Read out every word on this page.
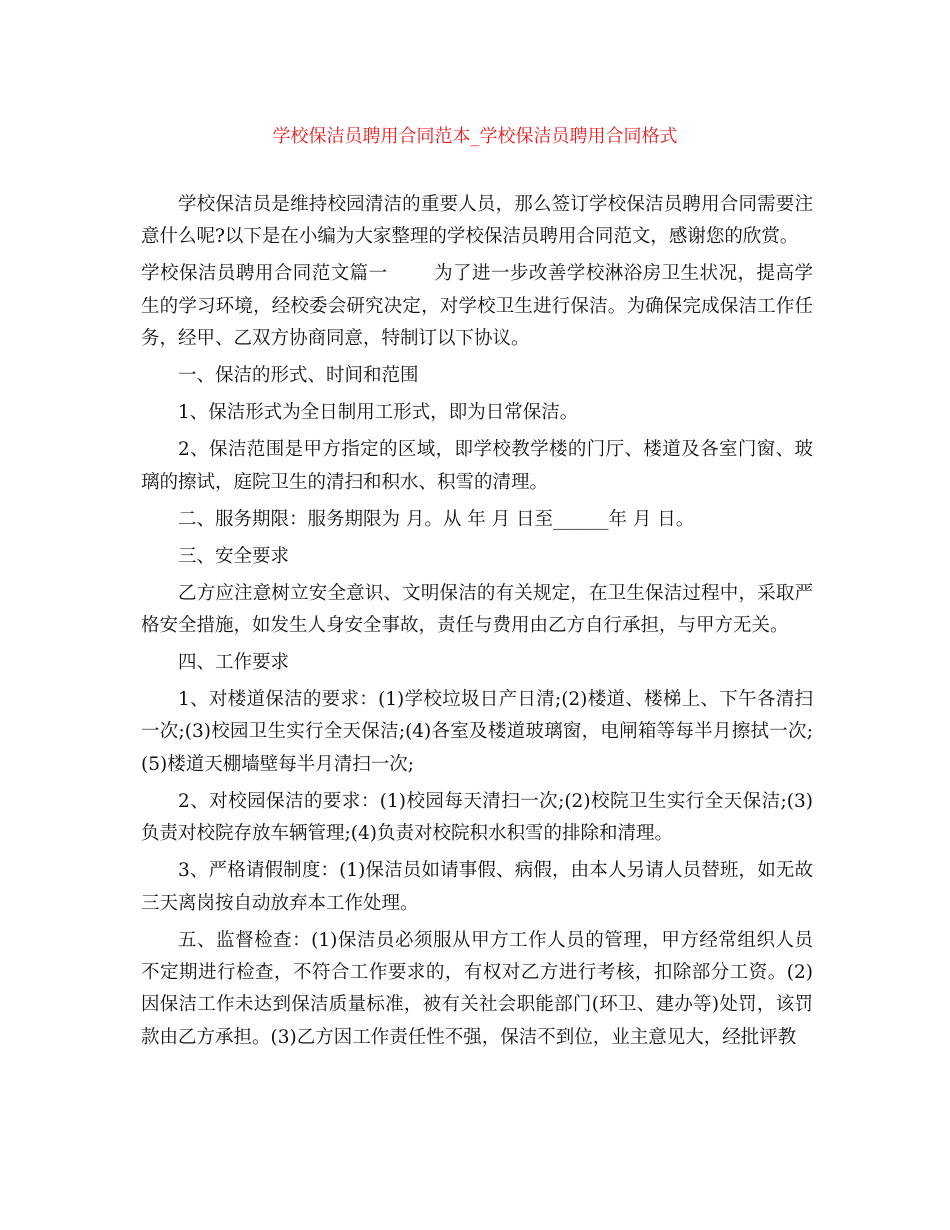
学校保洁员聘用合同范本_学校保洁员聘用合同格式

学校保洁员是维持校园清洁的重要人员，那么签订学校保洁员聘用合同需要注意什么呢?以下是在小编为大家整理的学校保洁员聘用合同范文，感谢您的欣赏。

学校保洁员聘用合同范文篇一 为了进一步改善学校淋浴房卫生状况，提高学生的学习环境，经校委会研究决定，对学校卫生进行保洁。为确保完成保洁工作任务，经甲、乙双方协商同意，特制订以下协议。

一、保洁的形式、时间和范围

1、保洁形式为全日制用工形式，即为日常保洁。

2、保洁范围是甲方指定的区域，即学校教学楼的门厅、楼道及各室门窗、玻璃的擦试，庭院卫生的清扫和积水、积雪的清理。

二、服务期限：服务期限为 月。从 年 月 日至______年 月 日。

三、安全要求

乙方应注意树立安全意识、文明保洁的有关规定，在卫生保洁过程中，采取严格安全措施，如发生人身安全事故，责任与费用由乙方自行承担，与甲方无关。

四、工作要求

1、对楼道保洁的要求：(1)学校垃圾日产日清;(2)楼道、楼梯上、下午各清扫一次;(3)校园卫生实行全天保洁;(4)各室及楼道玻璃窗，电闸箱等每半月擦拭一次;(5)楼道天棚墙壁每半月清扫一次;

2、对校园保洁的要求：(1)校园每天清扫一次;(2)校院卫生实行全天保洁;(3)负责对校院存放车辆管理;(4)负责对校院积水积雪的排除和清理。

3、严格请假制度：(1)保洁员如请事假、病假，由本人另请人员替班，如无故三天离岗按自动放弃本工作处理。

五、监督检查：(1)保洁员必须服从甲方工作人员的管理，甲方经常组织人员不定期进行检查，不符合工作要求的，有权对乙方进行考核，扣除部分工资。(2)因保洁工作未达到保洁质量标准，被有关社会职能部门(环卫、建办等)处罚，该罚款由乙方承担。(3)乙方因工作责任性不强，保洁不到位，业主意见大，经批评教
